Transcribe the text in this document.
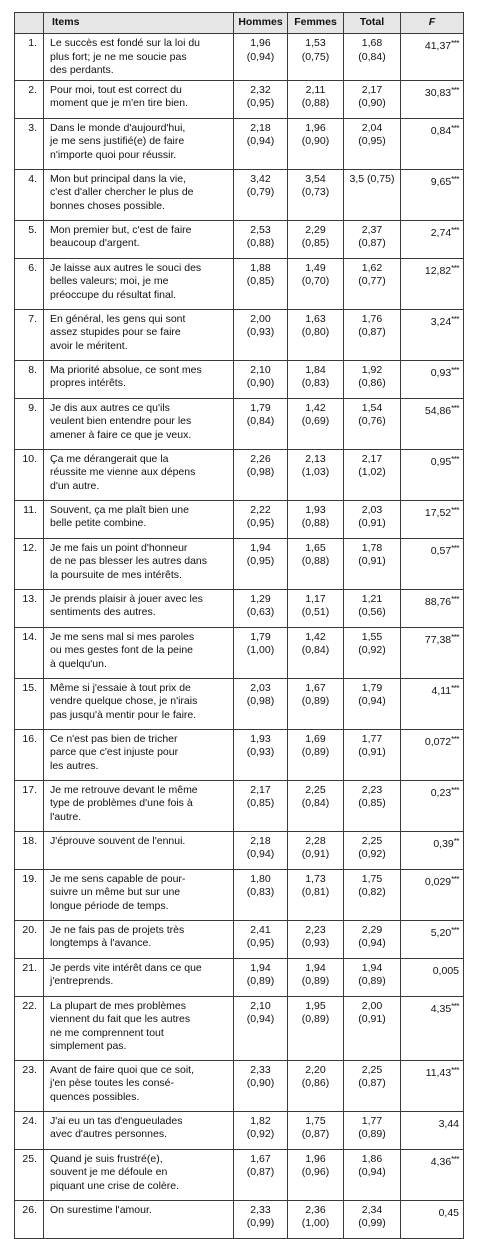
	Items	Hommes	Femmes	Total	F
1.	Le succès est fondé sur la loi du
plus fort; je ne me soucie pas
des perdants.	1,96
(0,94)	1,53
(0,75)	1,68
(0,84)	41,37***
2.	Pour moi, tout est correct du
moment que je m'en tire bien.	2,32
(0,95)	2,11
(0,88)	2,17
(0,90)	30,83***
3.	Dans le monde d'aujourd'hui,
je me sens justifié(e) de faire
n'importe quoi pour réussir.	2,18
(0,94)	1,96
(0,90)	2,04
(0,95)	0,84***
4.	Mon but principal dans la vie,
c'est d'aller chercher le plus de
bonnes choses possible.	3,42
(0,79)	3,54
(0,73)	3,5 (0,75)	9,65***
5.	Mon premier but, c'est de faire
beaucoup d'argent.	2,53
(0,88)	2,29
(0,85)	2,37
(0,87)	2,74***
6.	Je laisse aux autres le souci des
belles valeurs; moi, je me
préoccupe du résultat final.	1,88
(0,85)	1,49
(0,70)	1,62
(0,77)	12,82***
7.	En général, les gens qui sont
assez stupides pour se faire
avoir le méritent.	2,00
(0,93)	1,63
(0,80)	1,76
(0,87)	3,24***
8.	Ma priorité absolue, ce sont mes
propres intérêts.	2,10
(0,90)	1,84
(0,83)	1,92
(0,86)	0,93***
9.	Je dis aux autres ce qu'ils
veulent bien entendre pour les
amener à faire ce que je veux.	1,79
(0,84)	1,42
(0,69)	1,54
(0,76)	54,86***
10.	Ça me dérangerait que la
réussite me vienne aux dépens
d'un autre.	2,26
(0,98)	2,13
(1,03)	2,17
(1,02)	0,95***
11.	Souvent, ça me plaît bien une
belle petite combine.	2,22
(0,95)	1,93
(0,88)	2,03
(0,91)	17,52***
12.	Je me fais un point d'honneur
de ne pas blesser les autres dans
la poursuite de mes intérêts.	1,94
(0,95)	1,65
(0,88)	1,78
(0,91)	0,57***
13.	Je prends plaisir à jouer avec les
sentiments des autres.	1,29
(0,63)	1,17
(0,51)	1,21
(0,56)	88,76***
14.	Je me sens mal si mes paroles
ou mes gestes font de la peine
à quelqu'un.	1,79
(1,00)	1,42
(0,84)	1,55
(0,92)	77,38***
15.	Même si j'essaie à tout prix de
vendre quelque chose, je n'irais
pas jusqu'à mentir pour le faire.	2,03
(0,98)	1,67
(0,89)	1,79
(0,94)	4,11***
16.	Ce n'est pas bien de tricher
parce que c'est injuste pour
les autres.	1,93
(0,93)	1,69
(0,89)	1,77
(0,91)	0,072***
17.	Je me retrouve devant le même
type de problèmes d'une fois à
l'autre.	2,17
(0,85)	2,25
(0,84)	2,23
(0,85)	0,23***
18.	J'éprouve souvent de l'ennui.	2,18
(0,94)	2,28
(0,91)	2,25
(0,92)	0,39**
19.	Je me sens capable de pour-
suivre un même but sur une
longue période de temps.	1,80
(0,83)	1,73
(0,81)	1,75
(0,82)	0,029***
20.	Je ne fais pas de projets très
longtemps à l'avance.	2,41
(0,95)	2,23
(0,93)	2,29
(0,94)	5,20***
21.	Je perds vite intérêt dans ce que
j'entreprends.	1,94
(0,89)	1,94
(0,89)	1,94
(0,89)	0,005
22.	La plupart de mes problèmes
viennent du fait que les autres
ne me comprennent tout
simplement pas.	2,10
(0,94)	1,95
(0,89)	2,00
(0,91)	4,35***
23.	Avant de faire quoi que ce soit,
j'en pèse toutes les consé-
quences possibles.	2,33
(0,90)	2,20
(0,86)	2,25
(0,87)	11,43***
24.	J'ai eu un tas d'engueulades
avec d'autres personnes.	1,82
(0,92)	1,75
(0,87)	1,77
(0,89)	3,44
25.	Quand je suis frustré(e),
souvent je me défoule en
piquant une crise de colère.	1,67
(0,87)	1,96
(0,96)	1,86
(0,94)	4,36***
26.	On surestime l'amour.	2,33
(0,99)	2,36
(1,00)	2,34
(0,99)	0,45
